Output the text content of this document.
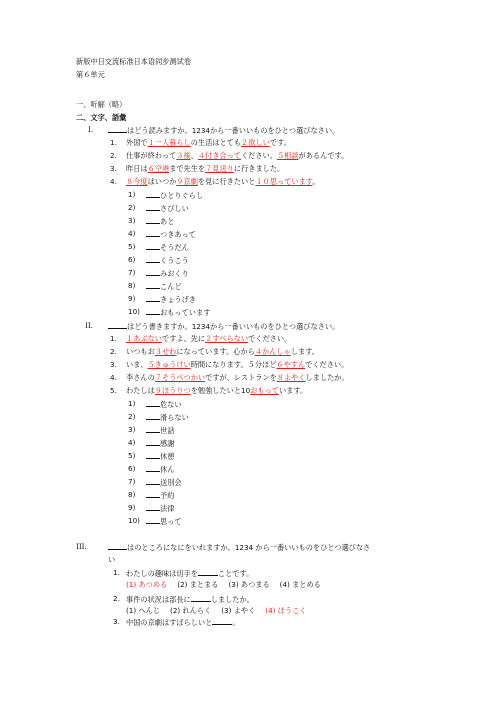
新版中日交流标准日本语同步测试卷
第６单元
一、听解（略）
二、文字、語彙
I.	はどう読みますか。1234から一番いいものをひとつ選びなさい。
1. 外国で１一人暮らしの生活はとても２欲しいです。
2. 仕事が終わって３後、４付き合ってください。５相談があるんです。
3. 昨日は６空港まで先生を７見送りに行きました。
4. ８今度はいつか９京劇を見に行きたいと１０思っています。
1)	ひとりぐらし
2)	さびしい
3)	あと
4)	つきあって
5)	そうだん
6)	くうこう
7)	みおくり
8)	こんど
9)	きょうげき
10)	おもっています
II.	はどう書きますか。1234から一番いいものをひとつ選びなさい。
1. １あぶないですよ、先に２すべらないでください。
2. いつもお３せわになっています。心から４かんしゃします。
3. いま、５きゅうけい時間になります。５分ほど６やすんでください。
4. 李さんの７そうべつかいですが、レストランを８よやくしましたか。
5. わたしは９ほうりつを勉強したいと10おもっています。
1)	危ない
2)	滑らない
3)	世話
4)	感謝
5)	休憩
6)	休ん
7)	送別会
8)	予約
9)	法律
10)	思って
III.	はのところになにをいれますか。1234 から一番いいものをひとつ選びなさ
い
1. わたしの趣味は切手を	ことです。
(1) あつめる (2) まとまる (3) あつまる (4) まとめる
2. 事件の状況は部長に	しましたか。
(1) へんじ (2) れんらく (3) よやく (4) ほうこく
3. 中国の京劇はすばらしいと	。
